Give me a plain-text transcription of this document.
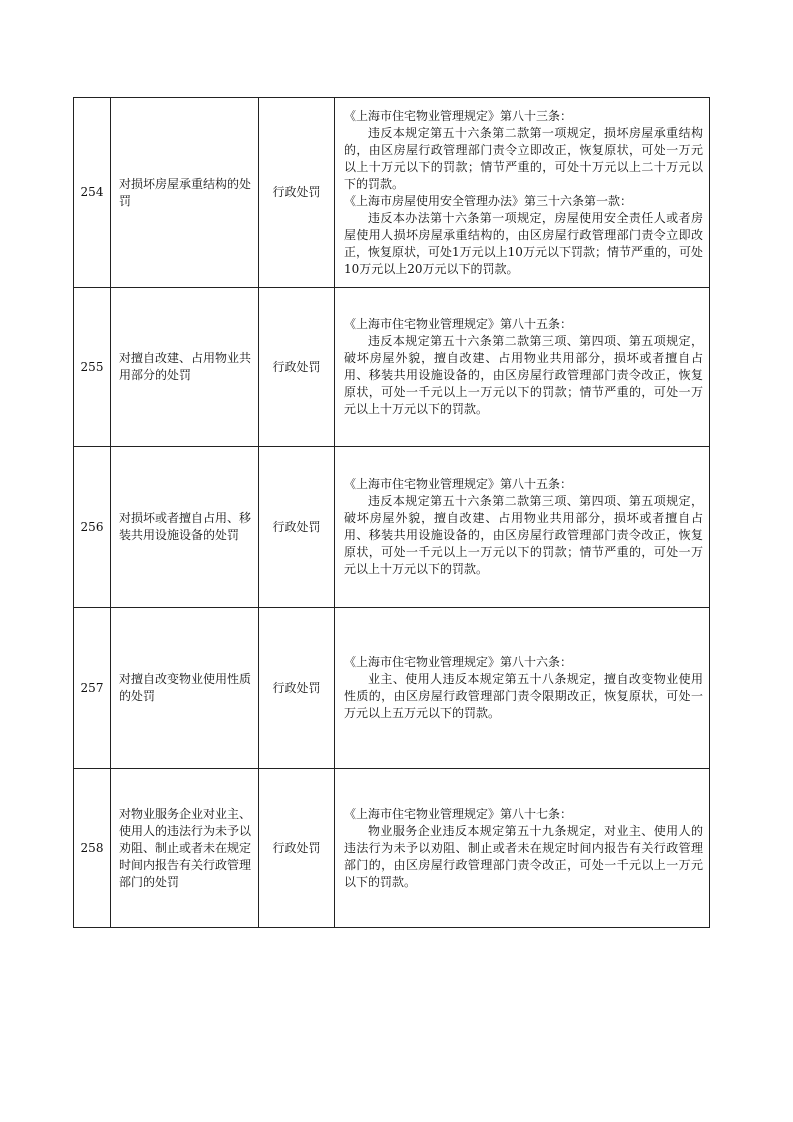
254	对损坏房屋承重结构的处罚	行政处罚	《上海市住宅物业管理规定》第八十三条：

违反本规定第五十六条第二款第一项规定，损坏房屋承重结构的，由区房屋行政管理部门责令立即改正，恢复原状，可处一万元以上十万元以下的罚款；情节严重的，可处十万元以上二十万元以下的罚款。

《上海市房屋使用安全管理办法》第三十六条第一款：

违反本办法第十六条第一项规定，房屋使用安全责任人或者房屋使用人损坏房屋承重结构的，由区房屋行政管理部门责令立即改正，恢复原状，可处1万元以上10万元以下罚款；情节严重的，可处10万元以上20万元以下的罚款。

255	对擅自改建、占用物业共用部分的处罚	行政处罚	《上海市住宅物业管理规定》第八十五条：

违反本规定第五十六条第二款第三项、第四项、第五项规定，破坏房屋外貌，擅自改建、占用物业共用部分，损坏或者擅自占用、移装共用设施设备的，由区房屋行政管理部门责令改正，恢复原状，可处一千元以上一万元以下的罚款；情节严重的，可处一万元以上十万元以下的罚款。

256	对损坏或者擅自占用、移装共用设施设备的处罚	行政处罚	《上海市住宅物业管理规定》第八十五条：

违反本规定第五十六条第二款第三项、第四项、第五项规定，破坏房屋外貌，擅自改建、占用物业共用部分，损坏或者擅自占用、移装共用设施设备的，由区房屋行政管理部门责令改正，恢复原状，可处一千元以上一万元以下的罚款；情节严重的，可处一万元以上十万元以下的罚款。

257	对擅自改变物业使用性质的处罚	行政处罚	《上海市住宅物业管理规定》第八十六条：

业主、使用人违反本规定第五十八条规定，擅自改变物业使用性质的，由区房屋行政管理部门责令限期改正，恢复原状，可处一万元以上五万元以下的罚款。

258	对物业服务企业对业主、使用人的违法行为未予以劝阻、制止或者未在规定时间内报告有关行政管理部门的处罚	行政处罚	《上海市住宅物业管理规定》第八十七条：

物业服务企业违反本规定第五十九条规定，对业主、使用人的违法行为未予以劝阻、制止或者未在规定时间内报告有关行政管理部门的，由区房屋行政管理部门责令改正，可处一千元以上一万元以下的罚款。
